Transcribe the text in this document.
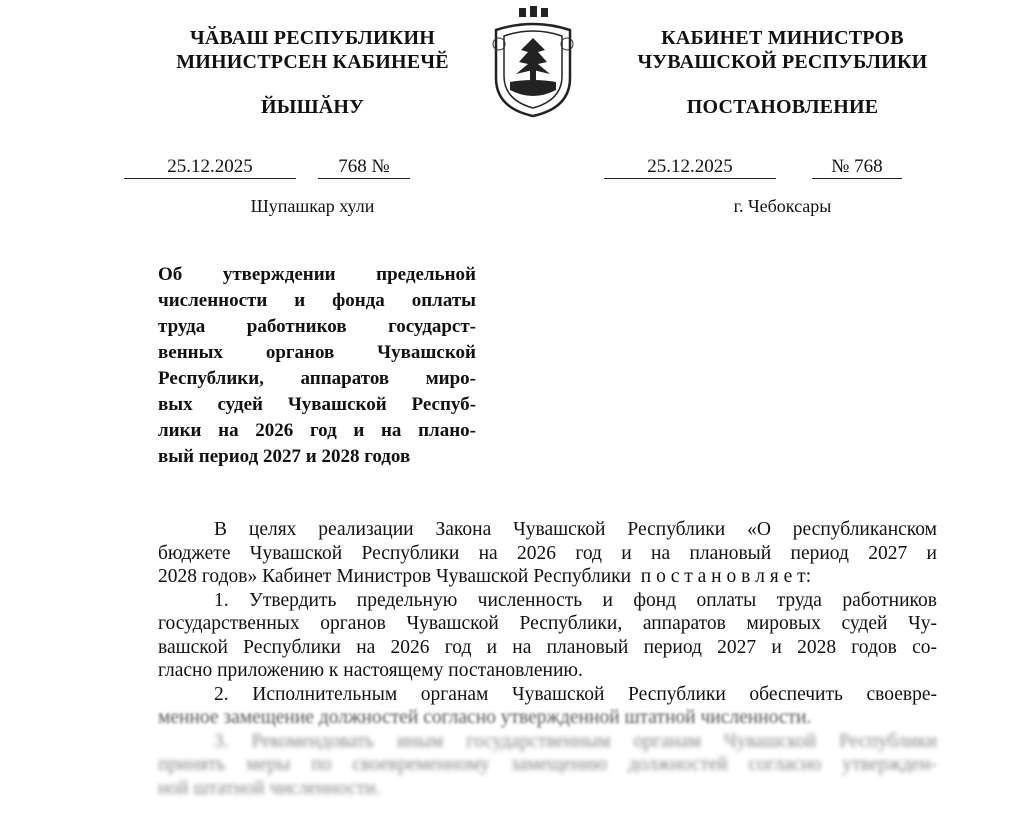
ЧӐВАШ РЕСПУБЛИКИН
МИНИСТРСЕН КАБИНЕЧӖ
ЙЫШӐНУ
КАБИНЕТ МИНИСТРОВ
ЧУВАШСКОЙ РЕСПУБЛИКИ
ПОСТАНОВЛЕНИЕ
25.12.2025	768 №	25.12.2025	№ 768
Шупашкар хули	г. Чебоксары
Об утверждении предельной
численности и фонда оплаты
труда работников государст-
венных органов Чувашской
Республики, аппаратов миро-
вых судей Чувашской Респуб-
лики на 2026 год и на плано-
вый период 2027 и 2028 годов
В целях реализации Закона Чувашской Республики «О республиканском
бюджете Чувашской Республики на 2026 год и на плановый период 2027 и
2028 годов» Кабинет Министров Чувашской Республики  п о с т а н о в л я е т:
1. Утвердить предельную численность и фонд оплаты труда работников
государственных органов Чувашской Республики, аппаратов мировых судей Чу-
вашской Республики на 2026 год и на плановый период 2027 и 2028 годов со-
гласно приложению к настоящему постановлению.
2. Исполнительным органам Чувашской Республики обеспечить своевре-
менное замещение должностей согласно утвержденной штатной численности.
3. Рекомендовать иным государственным органам Чувашской Республики
принять меры по своевременному замещению должностей согласно утвержден-
ной штатной численности.
